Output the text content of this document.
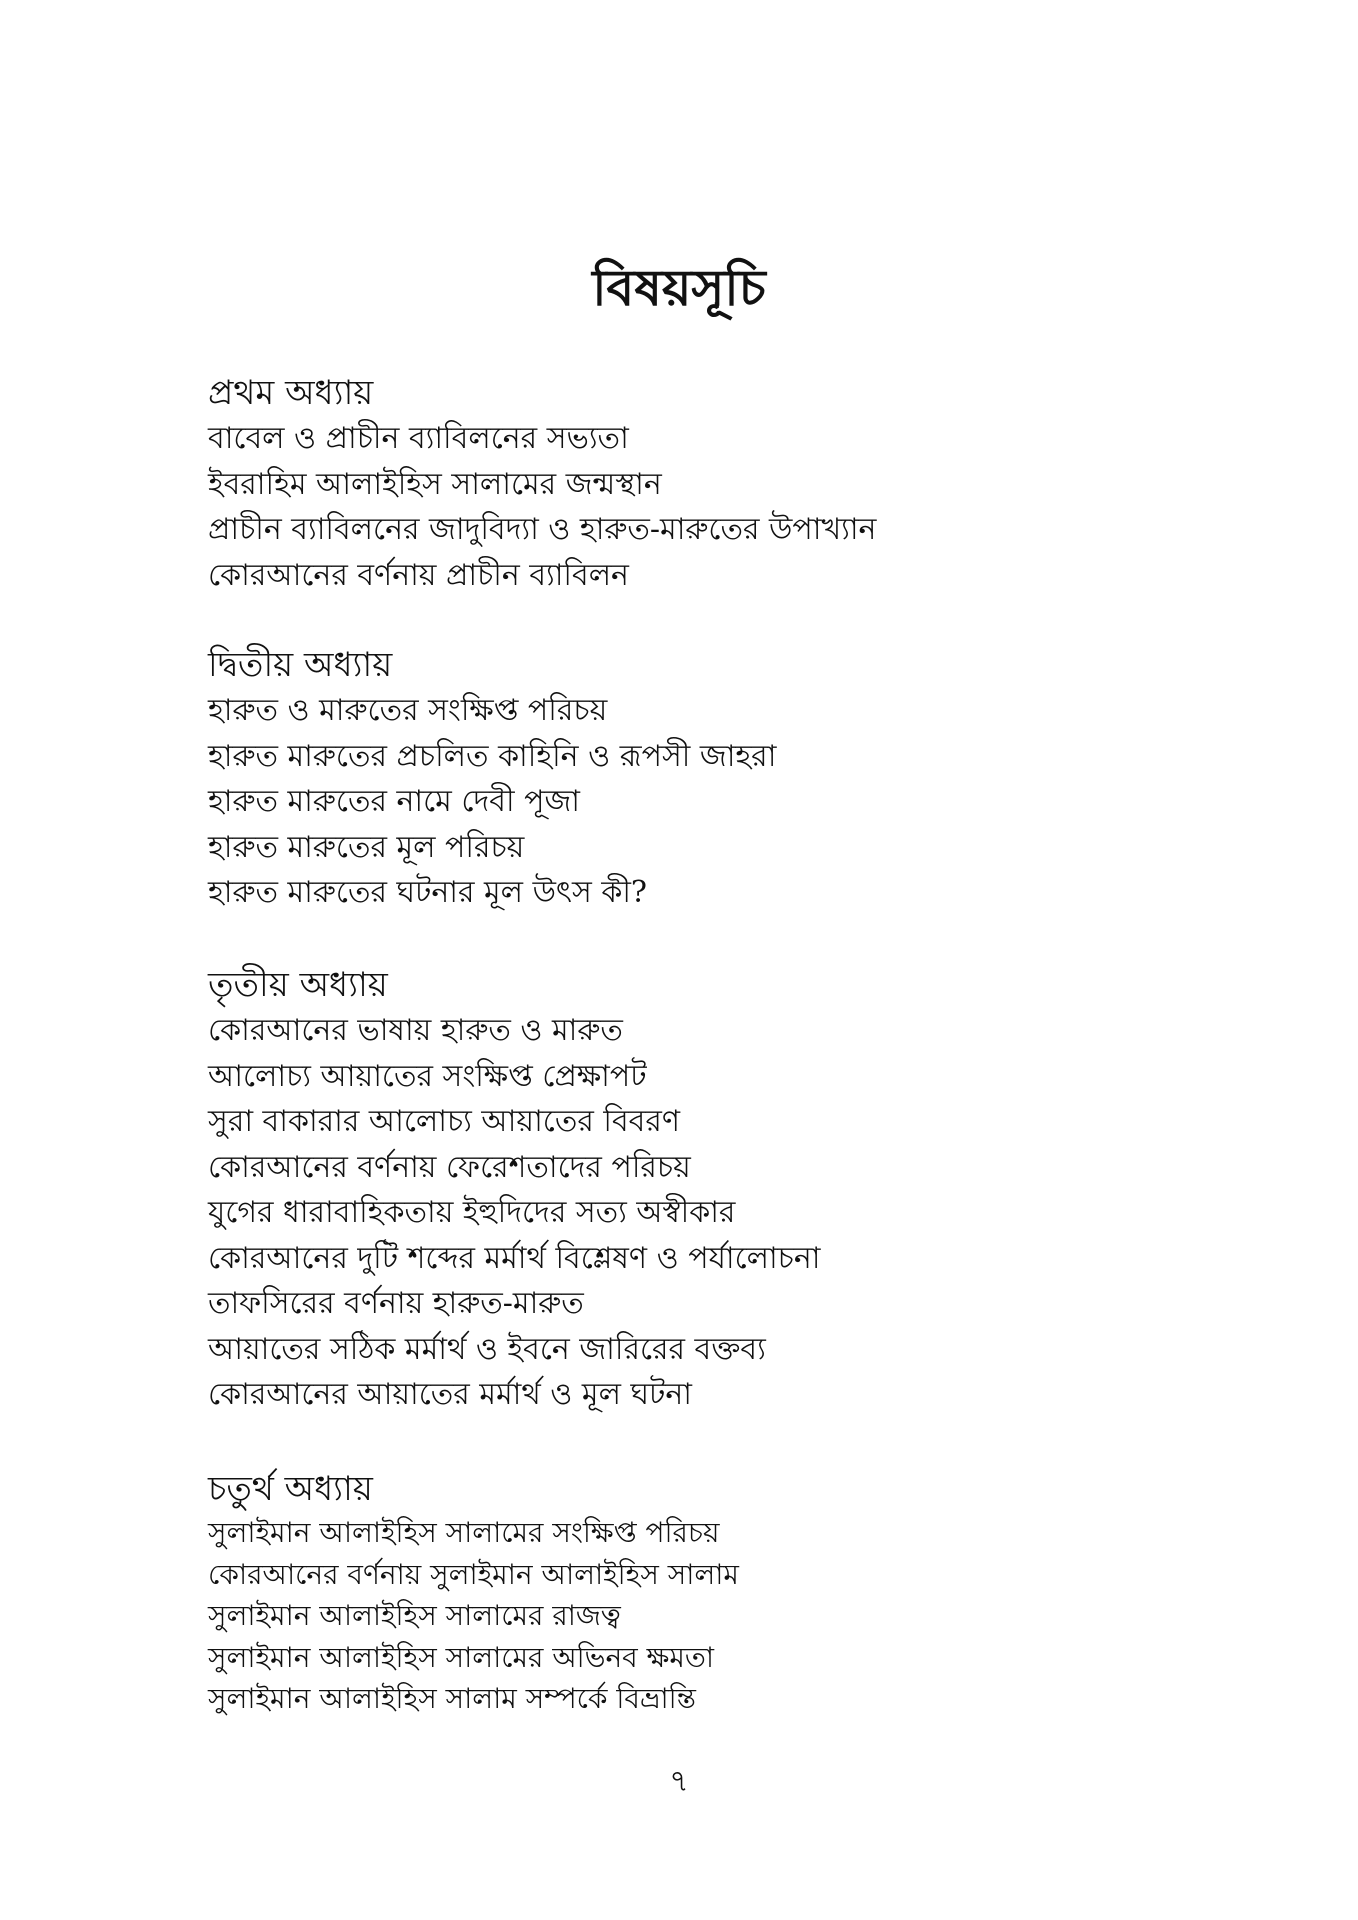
বিষয়সূচি
প্রথম অধ্যায়
বাবেল ও প্রাচীন ব্যাবিলনের সভ্যতা
ইবরাহিম আলাইহিস সালামের জন্মস্থান
প্রাচীন ব্যাবিলনের জাদুবিদ্যা ও হারুত-মারুতের উপাখ্যান
কোরআনের বর্ণনায় প্রাচীন ব্যাবিলন
দ্বিতীয় অধ্যায়
হারুত ও মারুতের সংক্ষিপ্ত পরিচয়
হারুত মারুতের প্রচলিত কাহিনি ও রূপসী জাহরা
হারুত মারুতের নামে দেবী পূজা
হারুত মারুতের মূল পরিচয়
হারুত মারুতের ঘটনার মূল উৎস কী?
তৃতীয় অধ্যায়
কোরআনের ভাষায় হারুত ও মারুত
আলোচ্য আয়াতের সংক্ষিপ্ত প্রেক্ষাপট
সুরা বাকারার আলোচ্য আয়াতের বিবরণ
কোরআনের বর্ণনায় ফেরেশতাদের পরিচয়
যুগের ধারাবাহিকতায় ইহুদিদের সত্য অস্বীকার
কোরআনের দুটি শব্দের মর্মার্থ বিশ্লেষণ ও পর্যালোচনা
তাফসিরের বর্ণনায় হারুত-মারুত
আয়াতের সঠিক মর্মার্থ ও ইবনে জারিরের বক্তব্য
কোরআনের আয়াতের মর্মার্থ ও মূল ঘটনা
চতুর্থ অধ্যায়
সুলাইমান আলাইহিস সালামের সংক্ষিপ্ত পরিচয়
কোরআনের বর্ণনায় সুলাইমান আলাইহিস সালাম
সুলাইমান আলাইহিস সালামের রাজত্ব
সুলাইমান আলাইহিস সালামের অভিনব ক্ষমতা
সুলাইমান আলাইহিস সালাম সম্পর্কে বিভ্রান্তি

৭
